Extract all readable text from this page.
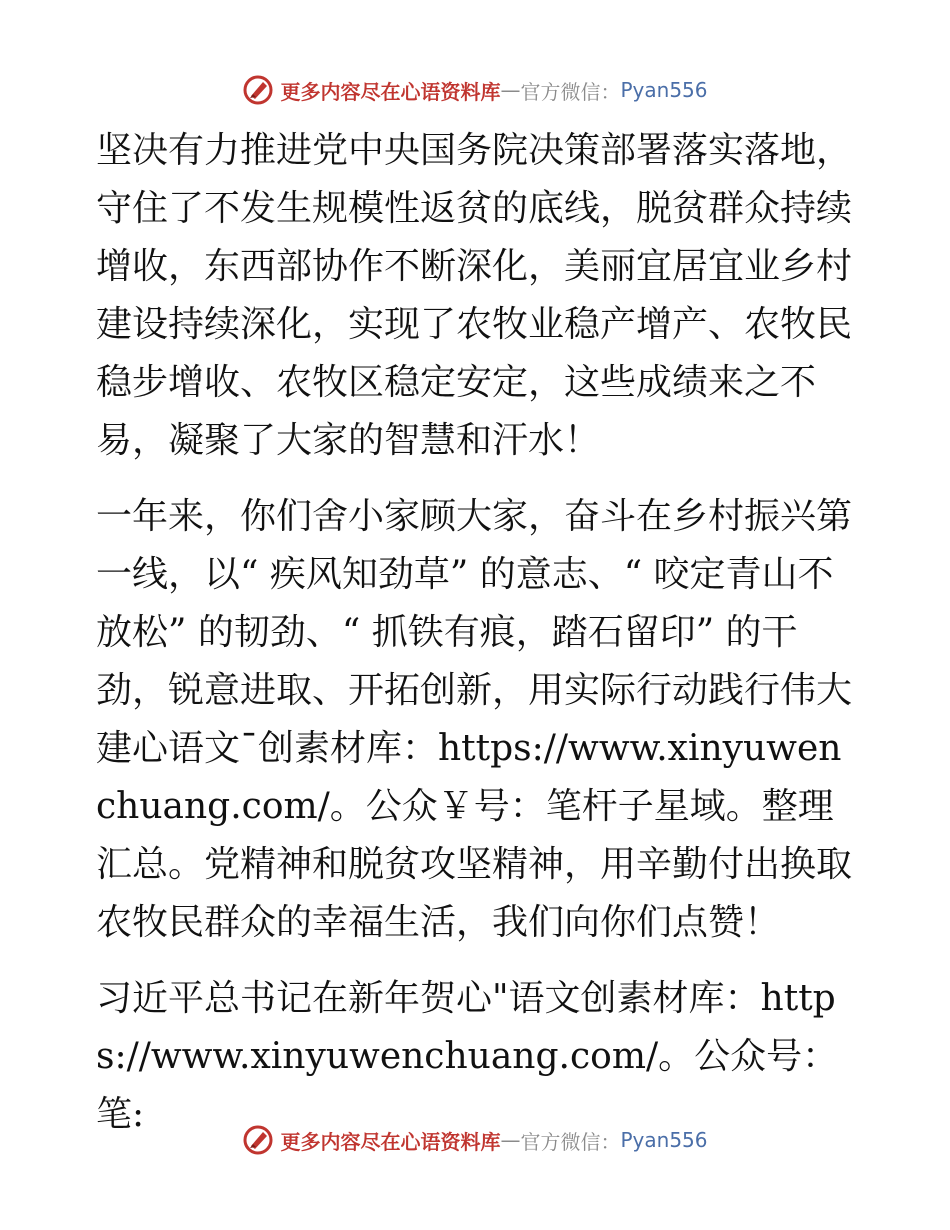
更多内容尽在心语资料库 — 官方微信： Pyan556

坚决有力推进党中央国务院决策部署落实落地，守住了不发生规模性返贫的底线，脱贫群众持续增收，东西部协作不断深化，美丽宜居宜业乡村建设持续深化，实现了农牧业稳产增产、农牧民稳步增收、农牧区稳定安定，这些成绩来之不易，凝聚了大家的智慧和汗水！

一年来，你们舍小家顾大家，奋斗在乡村振兴第一线，以“ 疾风知劲草” 的意志、“ 咬定青山不放松” 的韧劲、“ 抓铁有痕，踏石留印” 的干劲，锐意进取、开拓创新，用实际行动践行伟大建心语文¯创素材库：https://www.xinyuwenchuang.com/。公众￥号：笔杆子星域。整理汇总。党精神和脱贫攻坚精神，用辛勤付出换取农牧民群众的幸福生活，我们向你们点赞！

习近平总书记在新年贺心"语文创素材库：https://www.xinyuwenchuang.com/。公众号：笔:

更多内容尽在心语资料库 — 官方微信： Pyan556
